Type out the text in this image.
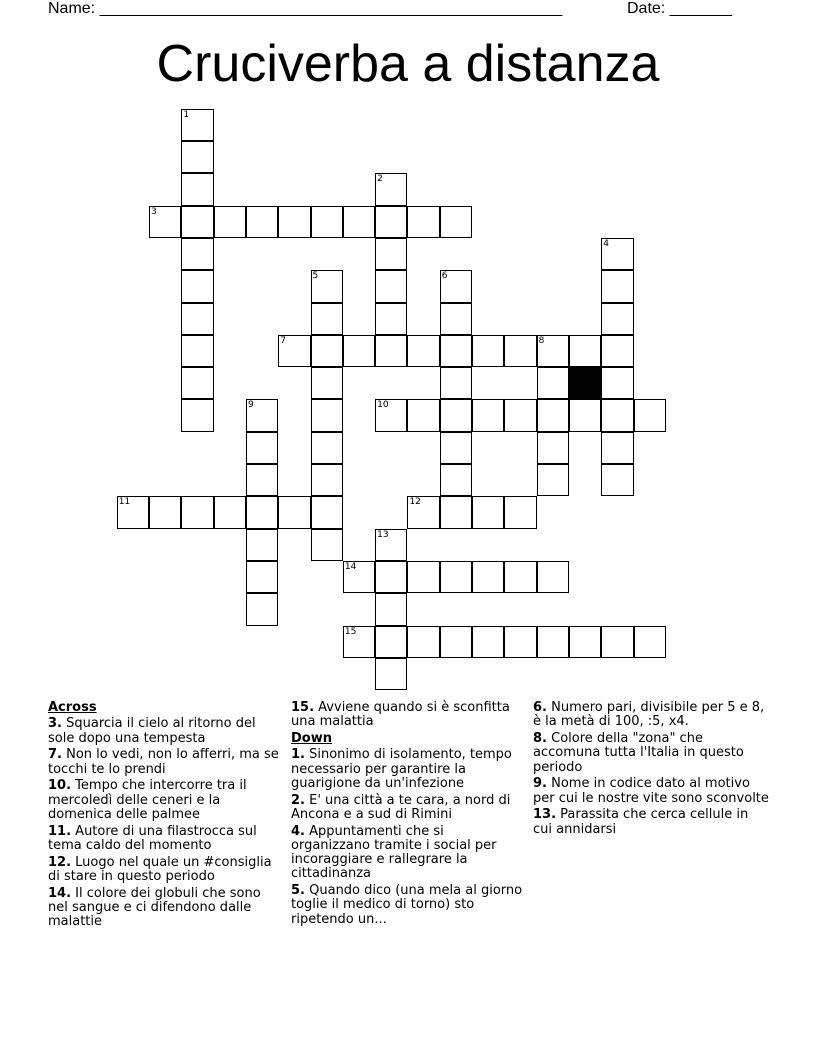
Name: ____________________________________________________	Date: _______
Cruciverba a distanza
1
2
3
4
5	6
7	8
9	10
11	12
13
14
15
Across
3. Squarcia il cielo al ritorno del sole dopo una tempesta
7. Non lo vedi, non lo afferri, ma se tocchi te lo prendi
10. Tempo che intercorre tra il mercoledì delle ceneri e la domenica delle palmee
11. Autore di una filastrocca sul tema caldo del momento
12. Luogo nel quale un #consiglia di stare in questo periodo
14. Il colore dei globuli che sono nel sangue e ci difendono dalle malattie
15. Avviene quando si è sconfitta una malattia
Down
1. Sinonimo di isolamento, tempo necessario per garantire la guarigione da un'infezione
2. E' una città a te cara, a nord di Ancona e a sud di Rimini
4. Appuntamenti che si organizzano tramite i social per incoraggiare e rallegrare la cittadinanza
5. Quando dico (una mela al giorno toglie il medico di torno) sto ripetendo un...
6. Numero pari, divisibile per 5 e 8, è la metà di 100, :5, x4.
8. Colore della "zona" che accomuna tutta l'Italia in questo periodo
9. Nome in codice dato al motivo per cui le nostre vite sono sconvolte
13. Parassita che cerca cellule in cui annidarsi
